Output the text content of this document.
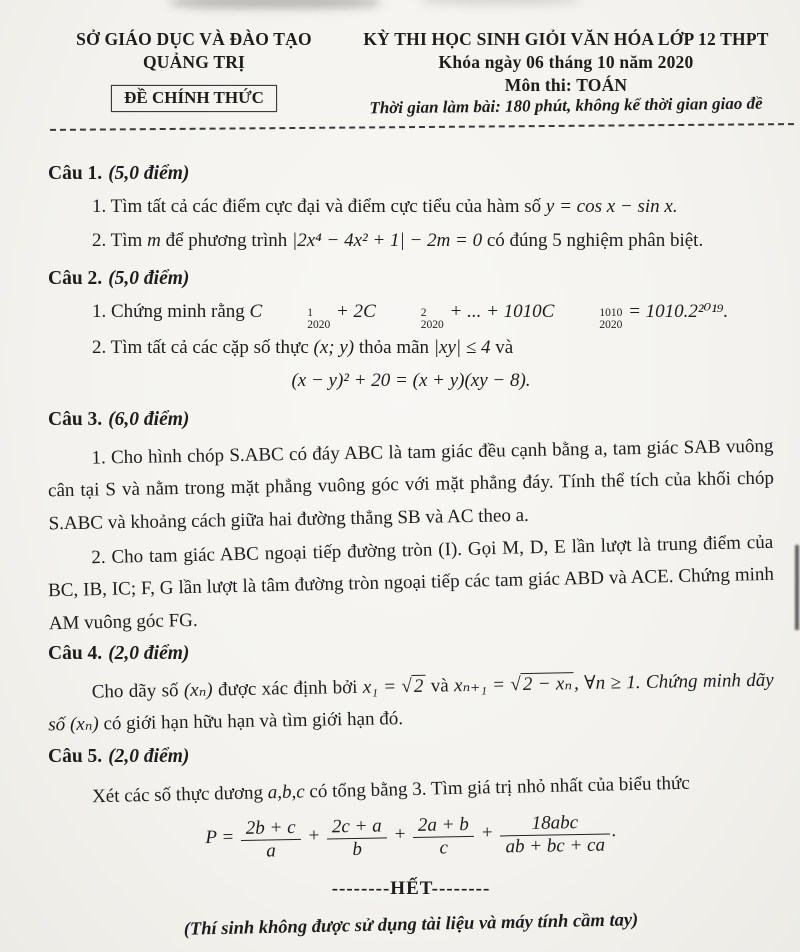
SỞ GIÁO DỤC VÀ ĐÀO TẠO
QUẢNG TRỊ
ĐỀ CHÍNH THỨC
KỲ THI HỌC SINH GIỎI VĂN HÓA LỚP 12 THPT
Khóa ngày 06 tháng 10 năm 2020
Môn thi: TOÁN
Thời gian làm bài: 180 phút, không kể thời gian giao đề
Câu 1. (5,0 điểm)

1. Tìm tất cả các điểm cực đại và điểm cực tiểu của hàm số y = cos x − sin x.

2. Tìm m để phương trình |2x⁴ − 4x² + 1| − 2m = 0 có đúng 5 nghiệm phân biệt.

Câu 2. (5,0 điểm)

1. Chứng minh rằng C	1
2020
+ 2C	2
2020
+ ... + 1010C	1010
2020
= 1010.2²⁰¹⁹.

2. Tìm tất cả các cặp số thực (x; y) thỏa mãn |xy| ≤ 4 và

(x − y)² + 20 = (x + y)(xy − 8).

Câu 3. (6,0 điểm)

1. Cho hình chóp S.ABC có đáy ABC là tam giác đều cạnh bằng a, tam giác SAB vuông cân tại S và nằm trong mặt phẳng vuông góc với mặt phẳng đáy. Tính thể tích của khối chóp S.ABC và khoảng cách giữa hai đường thẳng SB và AC theo a.

2. Cho tam giác ABC ngoại tiếp đường tròn (I). Gọi M, D, E lần lượt là trung điểm của BC, IB, IC; F, G lần lượt là tâm đường tròn ngoại tiếp các tam giác ABD và ACE. Chứng minh AM vuông góc FG.

Câu 4. (2,0 điểm)

Cho dãy số (xₙ) được xác định bởi x₁ = √2 và xₙ₊₁ = √2 − xₙ, ∀n ≥ 1. Chứng minh dãy số (xₙ) có giới hạn hữu hạn và tìm giới hạn đó.

Câu 5. (2,0 điểm)

Xét các số thực dương a,b,c có tổng bằng 3. Tìm giá trị nhỏ nhất của biểu thức

$P = \frac{2b + c}{a} + \frac{2c + a}{b} + \frac{2a + b}{c} + \frac{\text{18abc}}{ab + bc + ca}$ .
--------HẾT--------
(Thí sinh không được sử dụng tài liệu và máy tính cầm tay)
